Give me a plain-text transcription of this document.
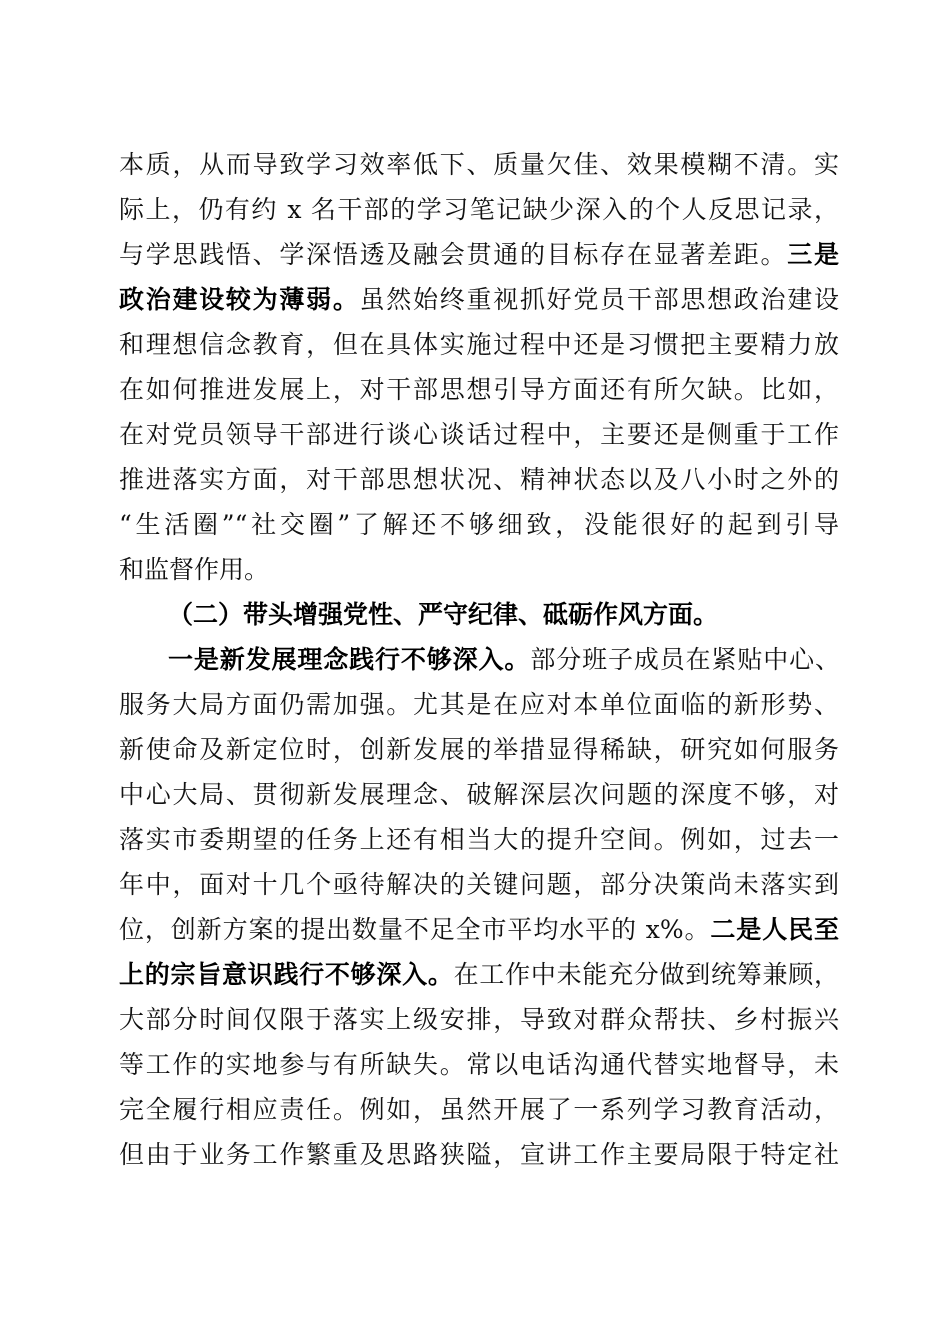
本质，从而导致学习效率低下、质量欠佳、效果模糊不清。实
际上，仍有约 x 名干部的学习笔记缺少深入的个人反思记录，
与学思践悟、学深悟透及融会贯通的目标存在显著差距。三是
政治建设较为薄弱。虽然始终重视抓好党员干部思想政治建设
和理想信念教育，但在具体实施过程中还是习惯把主要精力放
在如何推进发展上，对干部思想引导方面还有所欠缺。比如，
在对党员领导干部进行谈心谈话过程中，主要还是侧重于工作
推进落实方面，对干部思想状况、精神状态以及八小时之外的
“生活圈”“社交圈”了解还不够细致，没能很好的起到引导
和监督作用。
（二）带头增强党性、严守纪律、砥砺作风方面。
一是新发展理念践行不够深入。部分班子成员在紧贴中心、
服务大局方面仍需加强。尤其是在应对本单位面临的新形势、
新使命及新定位时，创新发展的举措显得稀缺，研究如何服务
中心大局、贯彻新发展理念、破解深层次问题的深度不够，对
落实市委期望的任务上还有相当大的提升空间。例如，过去一
年中，面对十几个亟待解决的关键问题，部分决策尚未落实到
位，创新方案的提出数量不足全市平均水平的 x%。二是人民至
上的宗旨意识践行不够深入。在工作中未能充分做到统筹兼顾，
大部分时间仅限于落实上级安排，导致对群众帮扶、乡村振兴
等工作的实地参与有所缺失。常以电话沟通代替实地督导，未
完全履行相应责任。例如，虽然开展了一系列学习教育活动，
但由于业务工作繁重及思路狭隘，宣讲工作主要局限于特定社
